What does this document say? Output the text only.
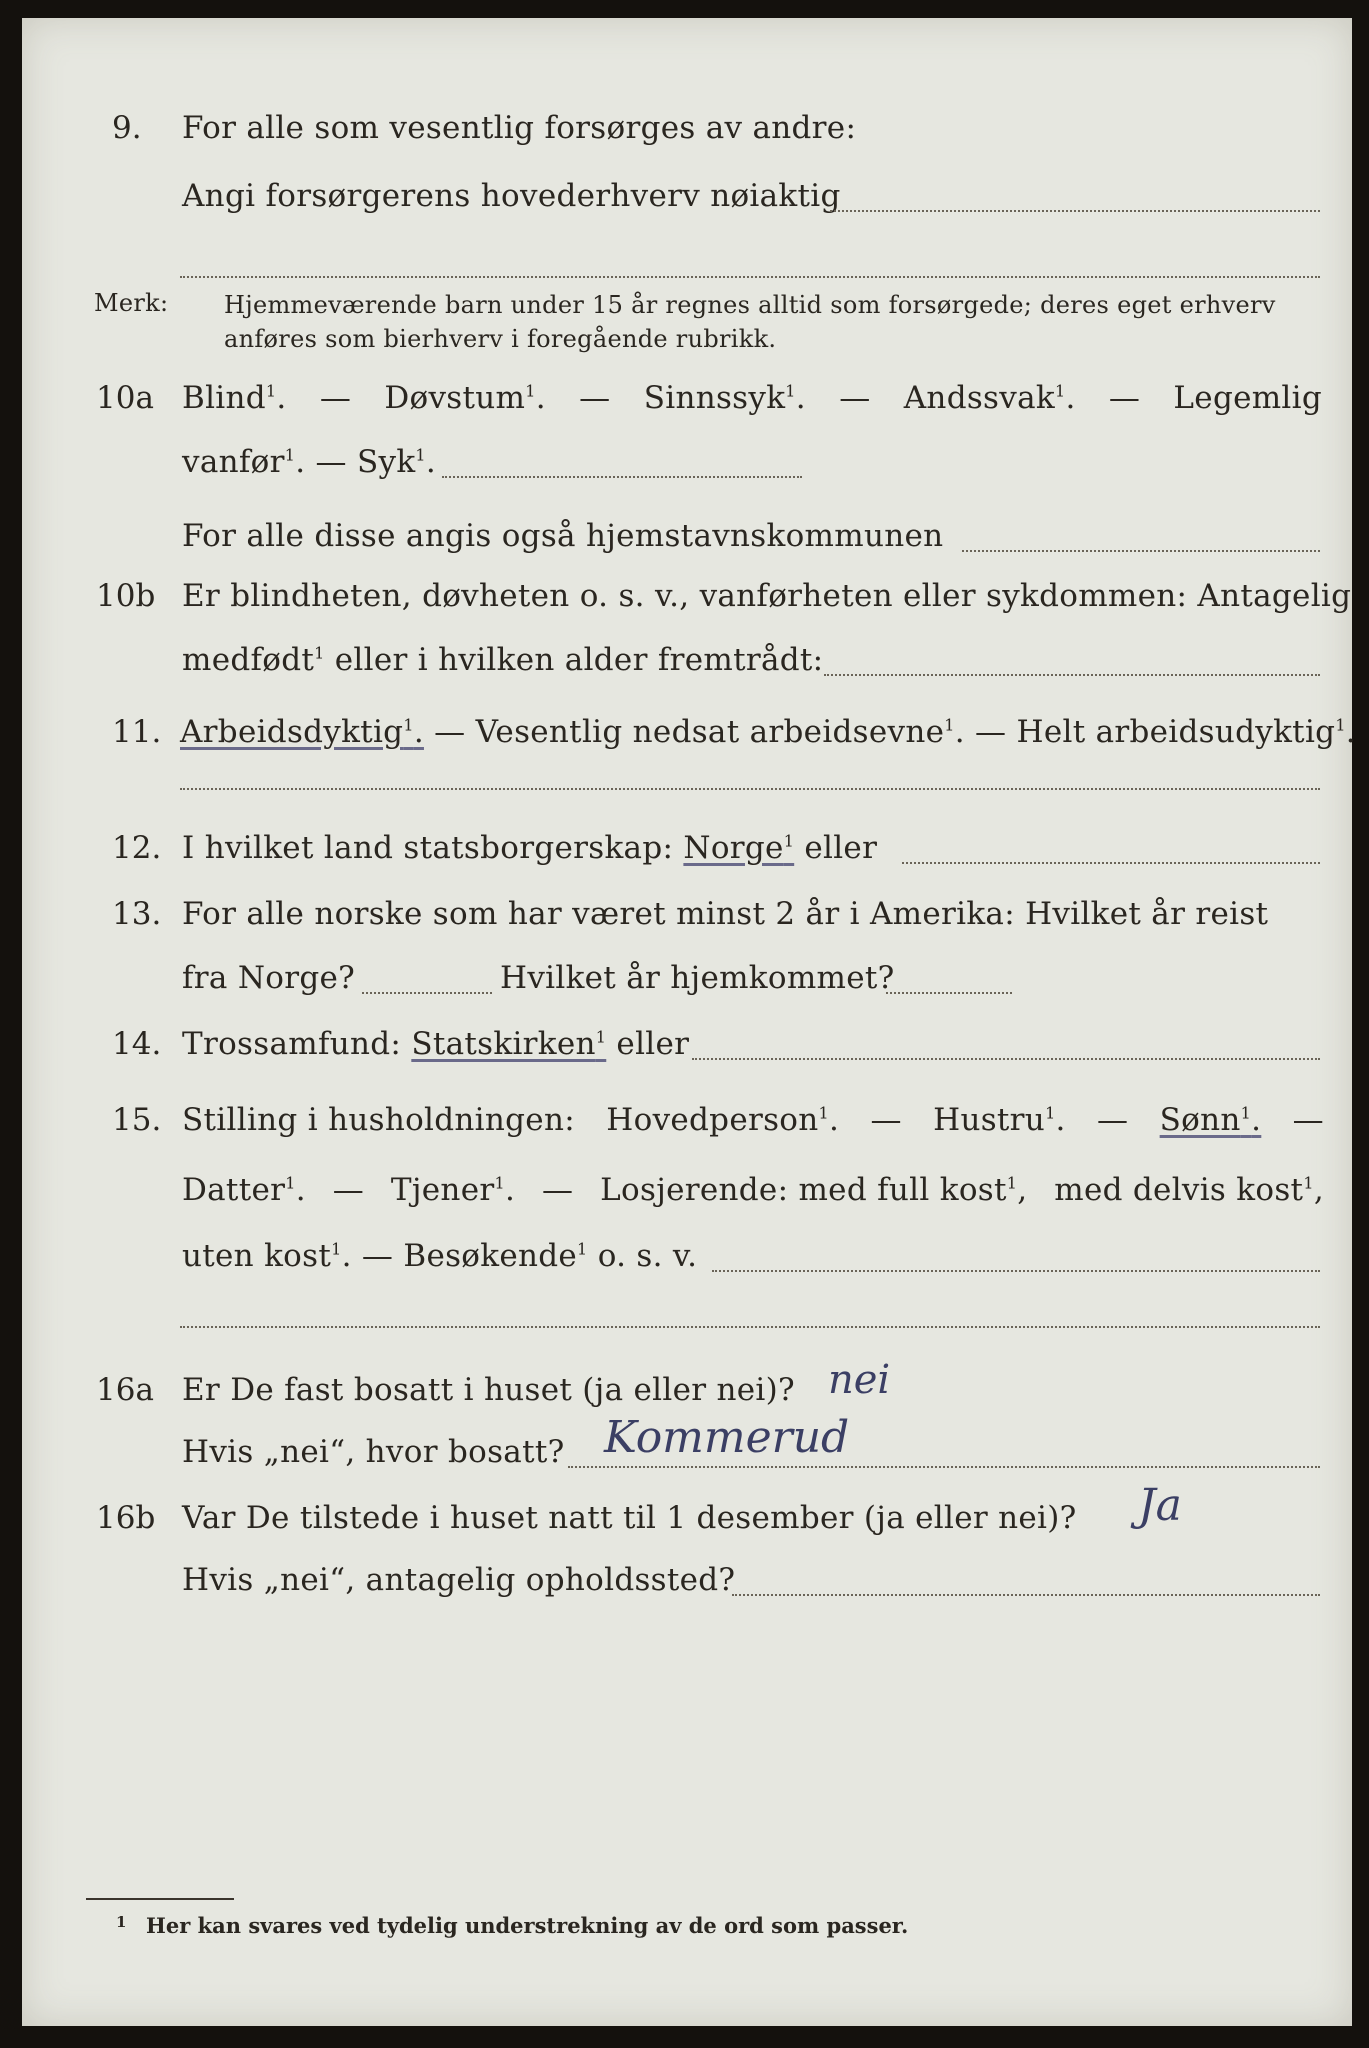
9. For alle som vesentlig forsørges av andre:
Angi forsørgerens hovederhverv nøiaktig
Merk: Hjemmeværende barn under 15 år regnes alltid som forsørgede; deres eget erhverv
anføres som bierhverv i foregående rubrikk.
10a Blind$^1$. — Døvstum$^1$. — Sinnssyk$^1$. — Andssvak$^1$. — Legemlig
vanfør$^1$. — Syk$^1$.
For alle disse angis også hjemstavnskommunen
10b Er blindheten, døvheten o. s. v., vanførheten eller sykdommen: Antagelig
medfødt$^1$ eller i hvilken alder fremtrådt:
11. Arbeidsdyktig$^1$. — Vesentlig nedsat arbeidsevne$^1$. — Helt arbeidsudyktig$^1$.
12. I hvilket land statsborgerskap: Norge$^1$ eller
13. For alle norske som har været minst 2 år i Amerika: Hvilket år reist
fra Norge?	Hvilket år hjemkommet?
14. Trossamfund: Statskirken$^1$ eller
15. Stilling i husholdningen: Hovedperson$^1$. — Hustru$^1$. — Sønn$^1$. —
Datter$^1$. — Tjener$^1$. — Losjerende: med full kost$^1$, med delvis kost$^1$,
uten kost$^1$. — Besøkende$^1$ o. s. v.
16a Er De fast bosatt i huset (ja eller nei)? nei
Hvis „nei“, hvor bosatt? Kommerud
16b Var De tilstede i huset natt til 1 desember (ja eller nei)? Ja
Hvis „nei“, antagelig opholdssted?
1 Her kan svares ved tydelig understrekning av de ord som passer.
